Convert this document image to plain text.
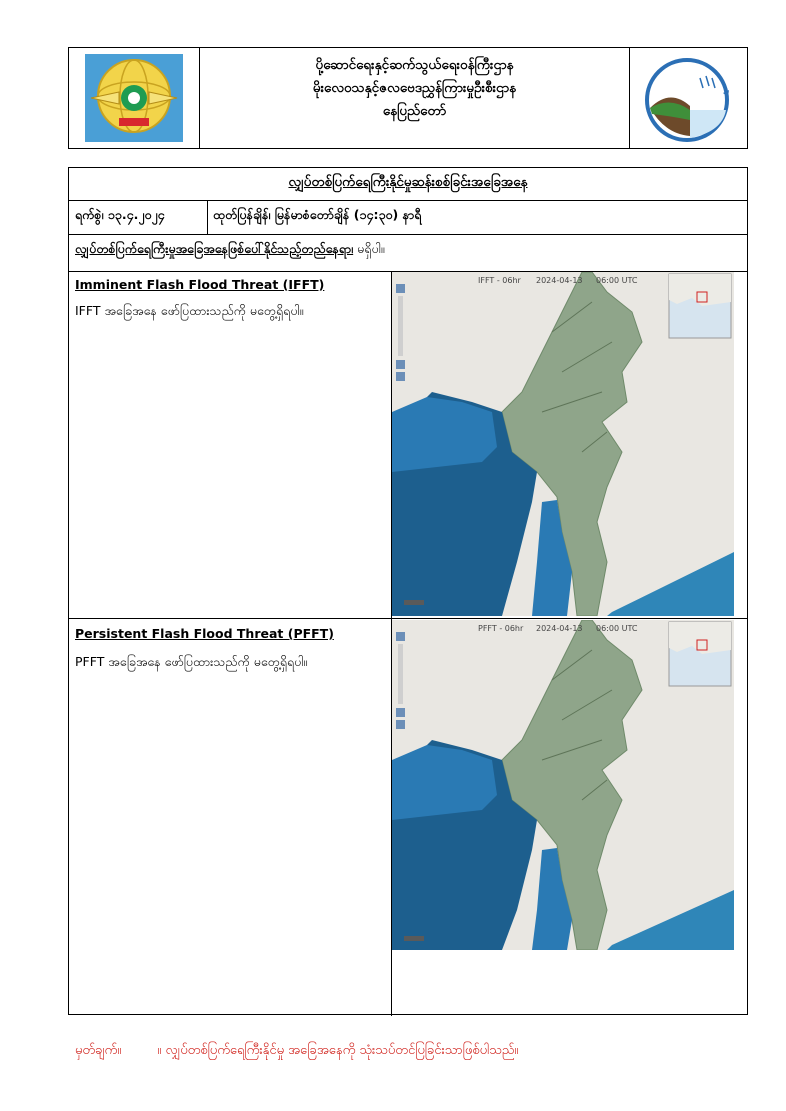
ပို့ဆောင်ရေးနှင့်ဆက်သွယ်ရေးဝန်ကြီးဌာန
မိုးလေဝသနှင့်ဇလဗေဒညွှန်ကြားမှုဦးစီးဌာန
နေပြည်တော်
လျှပ်တစ်ပြက်ရေကြီးနိုင်မှုဆန်းစစ်ခြင်းအခြေအနေ
ရက်စွဲ၊ ၁၃.၄.၂၀၂၄	ထုတ်ပြန်ချိန်၊ မြန်မာစံတော်ချိန် (၁၄:၃၀) နာရီ
လျှပ်တစ်ပြက်ရေကြီးမှုအခြေအနေဖြစ်ပေါ်နိုင်သည့်တည်နေရာ၊ မရှိပါ။
Imminent Flash Flood Threat (IFFT)
IFFT အခြေအနေ ဖော်ပြထားသည်ကို မတွေ့ရှိရပါ။
IFFT - 06hr 2024-04-13 06:00 UTC
Persistent Flash Flood Threat (PFFT)
PFFT အခြေအနေ ဖော်ပြထားသည်ကို မတွေ့ရှိရပါ။
PFFT - 06hr 2024-04-13 06:00 UTC
မှတ်ချက်။	။ လျှပ်တစ်ပြက်ရေကြီးနိုင်မှု အခြေအနေကို သုံးသပ်တင်ပြခြင်းသာဖြစ်ပါသည်။
